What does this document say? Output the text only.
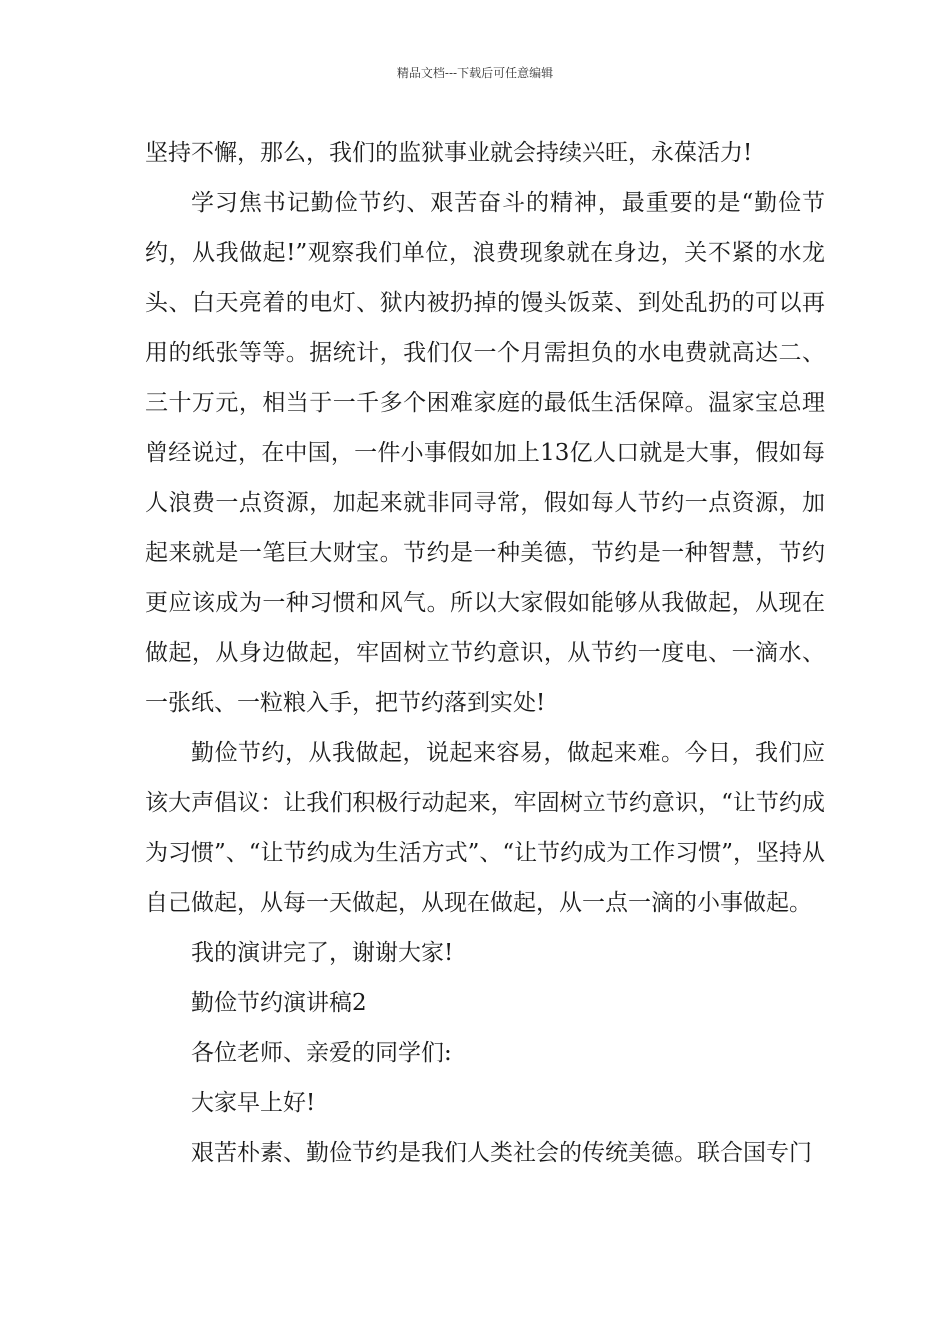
精品文档---下载后可任意编辑

坚持不懈，那么，我们的监狱事业就会持续兴旺，永葆活力!

学习焦书记勤俭节约、艰苦奋斗的精神，最重要的是“勤俭节约，从我做起!”观察我们单位，浪费现象就在身边，关不紧的水龙头、白天亮着的电灯、狱内被扔掉的馒头饭菜、到处乱扔的可以再用的纸张等等。据统计，我们仅一个月需担负的水电费就高达二、三十万元，相当于一千多个困难家庭的最低生活保障。温家宝总理曾经说过，在中国，一件小事假如加上13亿人口就是大事，假如每人浪费一点资源，加起来就非同寻常，假如每人节约一点资源，加起来就是一笔巨大财宝。节约是一种美德，节约是一种智慧，节约更应该成为一种习惯和风气。所以大家假如能够从我做起，从现在做起，从身边做起，牢固树立节约意识，从节约一度电、一滴水、一张纸、一粒粮入手，把节约落到实处!

勤俭节约，从我做起，说起来容易，做起来难。今日，我们应该大声倡议：让我们积极行动起来，牢固树立节约意识，“让节约成为习惯”、“让节约成为生活方式”、“让节约成为工作习惯”，坚持从自己做起，从每一天做起，从现在做起，从一点一滴的小事做起。

我的演讲完了，谢谢大家!

勤俭节约演讲稿2

各位老师、亲爱的同学们:

大家早上好!

艰苦朴素、勤俭节约是我们人类社会的传统美德。联合国专门
